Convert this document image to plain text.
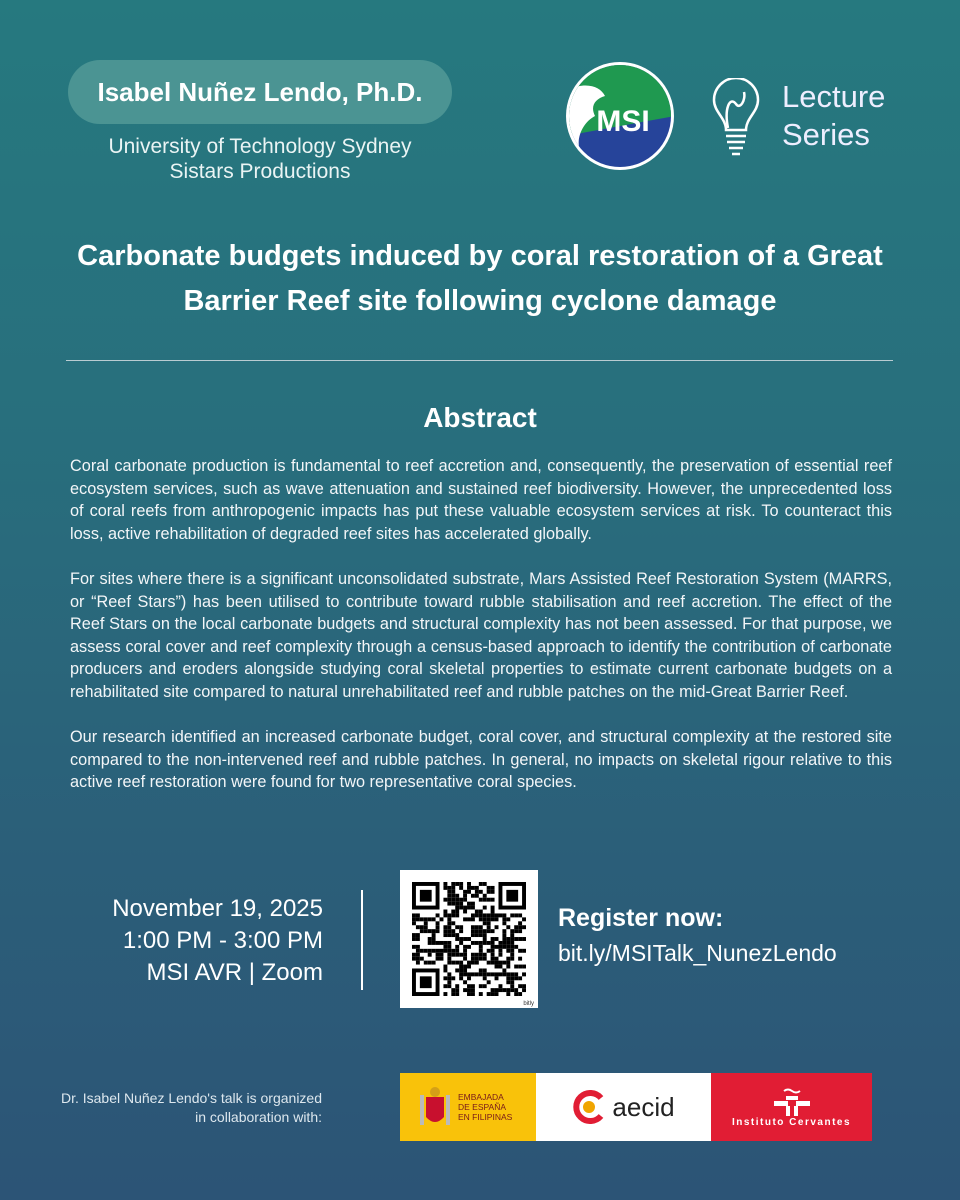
Isabel Nuñez Lendo, Ph.D.
University of Technology Sydney
Sistars Productions
MSI
Lecture
Series
Carbonate budgets induced by coral restoration of a Great Barrier Reef site following cyclone damage
Abstract

Coral carbonate production is fundamental to reef accretion and, consequently, the preservation of essential reef ecosystem services, such as wave attenuation and sustained reef biodiversity. However, the unprecedented loss of coral reefs from anthropogenic impacts has put these valuable ecosystem services at risk. To counteract this loss, active rehabilitation of degraded reef sites has accelerated globally.

For sites where there is a significant unconsolidated substrate, Mars Assisted Reef Restoration System (MARRS, or “Reef Stars”) has been utilised to contribute toward rubble stabilisation and reef accretion. The effect of the Reef Stars on the local carbonate budgets and structural complexity has not been assessed. For that purpose, we assess coral cover and reef complexity through a census-based approach to identify the contribution of carbonate producers and eroders alongside studying coral skeletal properties to estimate current carbonate budgets on a rehabilitated site compared to natural unrehabilitated reef and rubble patches on the mid-Great Barrier Reef.

Our research identified an increased carbonate budget, coral cover, and structural complexity at the restored site compared to the non-intervened reef and rubble patches. In general, no impacts on skeletal rigour relative to this active reef restoration were found for two representative coral species.

November 19, 2025
1:00 PM - 3:00 PM
MSI AVR | Zoom
bitly
Register now:
bit.ly/MSITalk_NunezLendo
Dr. Isabel Nuñez Lendo's talk is organized in collaboration with:
EMBAJADA
DE ESPAÑA
EN FILIPINAS	aecid
Instituto Cervantes
